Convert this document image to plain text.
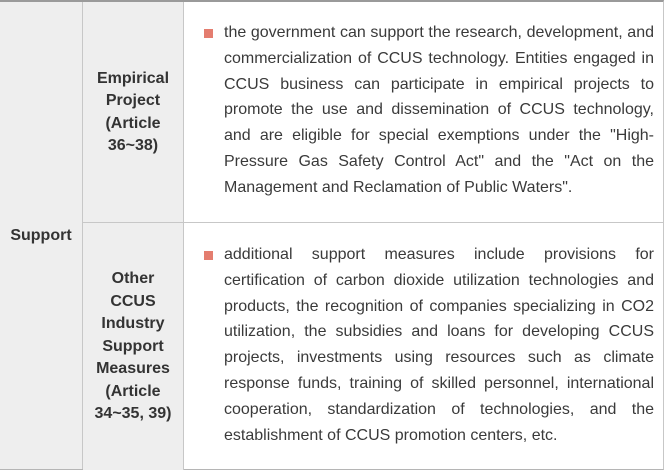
Support
Empirical
Project
(Article
36~38)
the government can support the research, development, and commercialization of CCUS technology. Entities engaged in CCUS business can participate in empirical projects to promote the use and dissemination of CCUS technology, and are eligible for special exemptions under the "High-Pressure Gas Safety Control Act" and the "Act on the Management and Reclamation of Public Waters".
Other
CCUS
Industry
Support
Measures
(Article
34~35, 39)
additional support measures include provisions for certification of carbon dioxide utilization technologies and products, the recognition of companies specializing in CO2 utilization, the subsidies and loans for developing CCUS projects, investments using resources such as climate response funds, training of skilled personnel, international cooperation, standardization of technologies, and the establishment of CCUS promotion centers, etc.
